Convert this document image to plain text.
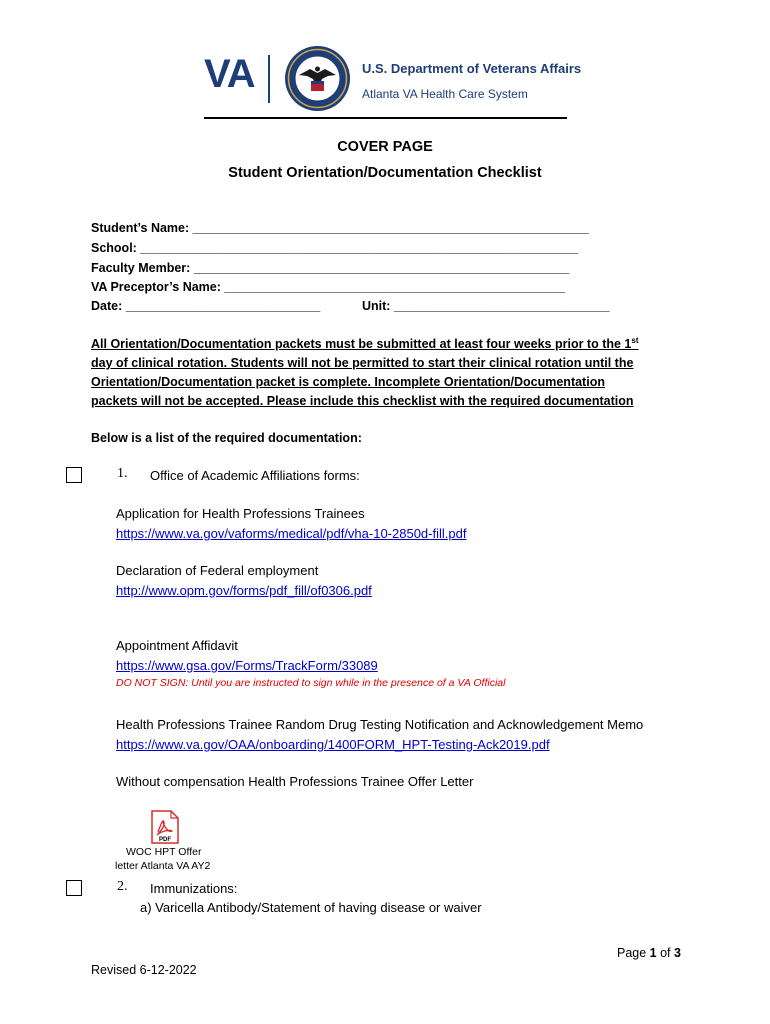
VA	U.S. Department of Veterans Affairs
Atlanta VA Health Care System
COVER PAGE
Student Orientation/Documentation Checklist
Student’s Name: _________________________________________________________
School: _______________________________________________________________
Faculty Member: ______________________________________________________
VA Preceptor’s Name: _________________________________________________
Date: ____________________________	Unit: _______________________________
All Orientation/Documentation packets must be submitted at least four weeks prior to the 1st
day of clinical rotation. Students will not be permitted to start their clinical rotation until the
Orientation/Documentation packet is complete. Incomplete Orientation/Documentation
packets will not be accepted. Please include this checklist with the required documentation
Below is a list of the required documentation:
1. Office of Academic Affiliations forms:
Application for Health Professions Trainees
https://www.va.gov/vaforms/medical/pdf/vha-10-2850d-fill.pdf
Declaration of Federal employment
http://www.opm.gov/forms/pdf_fill/of0306.pdf
Appointment Affidavit
https://www.gsa.gov/Forms/TrackForm/33089
DO NOT SIGN: Until you are instructed to sign while in the presence of a VA Official
Health Professions Trainee Random Drug Testing Notification and Acknowledgement Memo
https://www.va.gov/OAA/onboarding/1400FORM_HPT-Testing-Ack2019.pdf
Without compensation Health Professions Trainee Offer Letter
PDF
WOC HPT Offer
letter Atlanta VA AY2
2. Immunizations:
a) Varicella Antibody/Statement of having disease or waiver
Page 1 of 3
Revised 6-12-2022
